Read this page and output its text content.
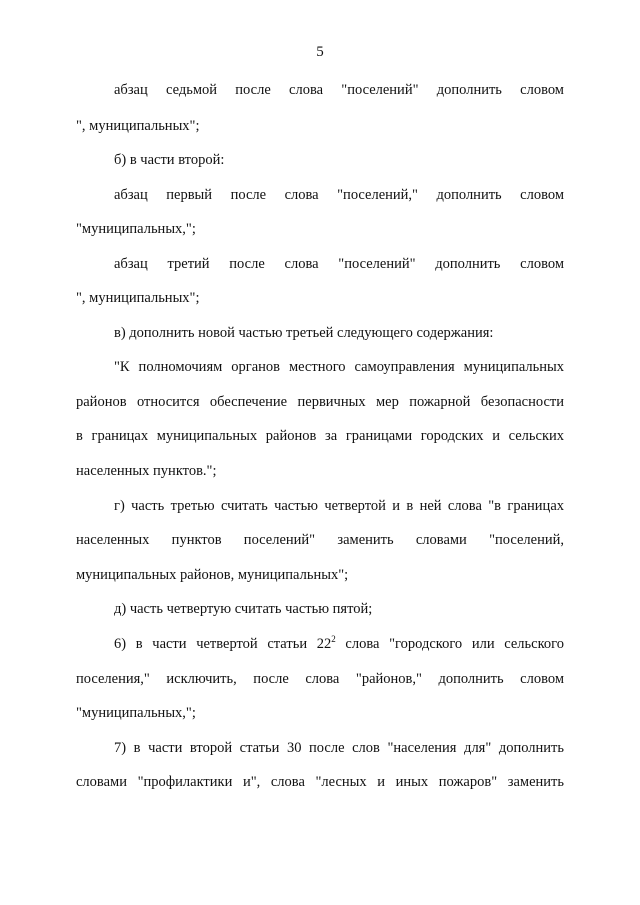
5
абзац седьмой после слова "поселений" дополнить словом
", муниципальных";
б) в части второй:
абзац первый после слова "поселений," дополнить словом
"муниципальных,";
абзац третий после слова "поселений" дополнить словом
", муниципальных";
в) дополнить новой частью третьей следующего содержания:
"К полномочиям органов местного самоуправления муниципальных
районов относится обеспечение первичных мер пожарной безопасности
в границах муниципальных районов за границами городских и сельских
населенных пунктов.";
г) часть третью считать частью четвертой и в ней слова "в границах
населенных пунктов поселений" заменить словами "поселений,
муниципальных районов, муниципальных";
д) часть четвертую считать частью пятой;
6) в части четвертой статьи $22^2$ слова "городского или сельского
поселения," исключить, после слова "районов," дополнить словом
"муниципальных,";
7) в части второй статьи 30 после слов "населения для" дополнить
словами "профилактики и", слова "лесных и иных пожаров" заменить
